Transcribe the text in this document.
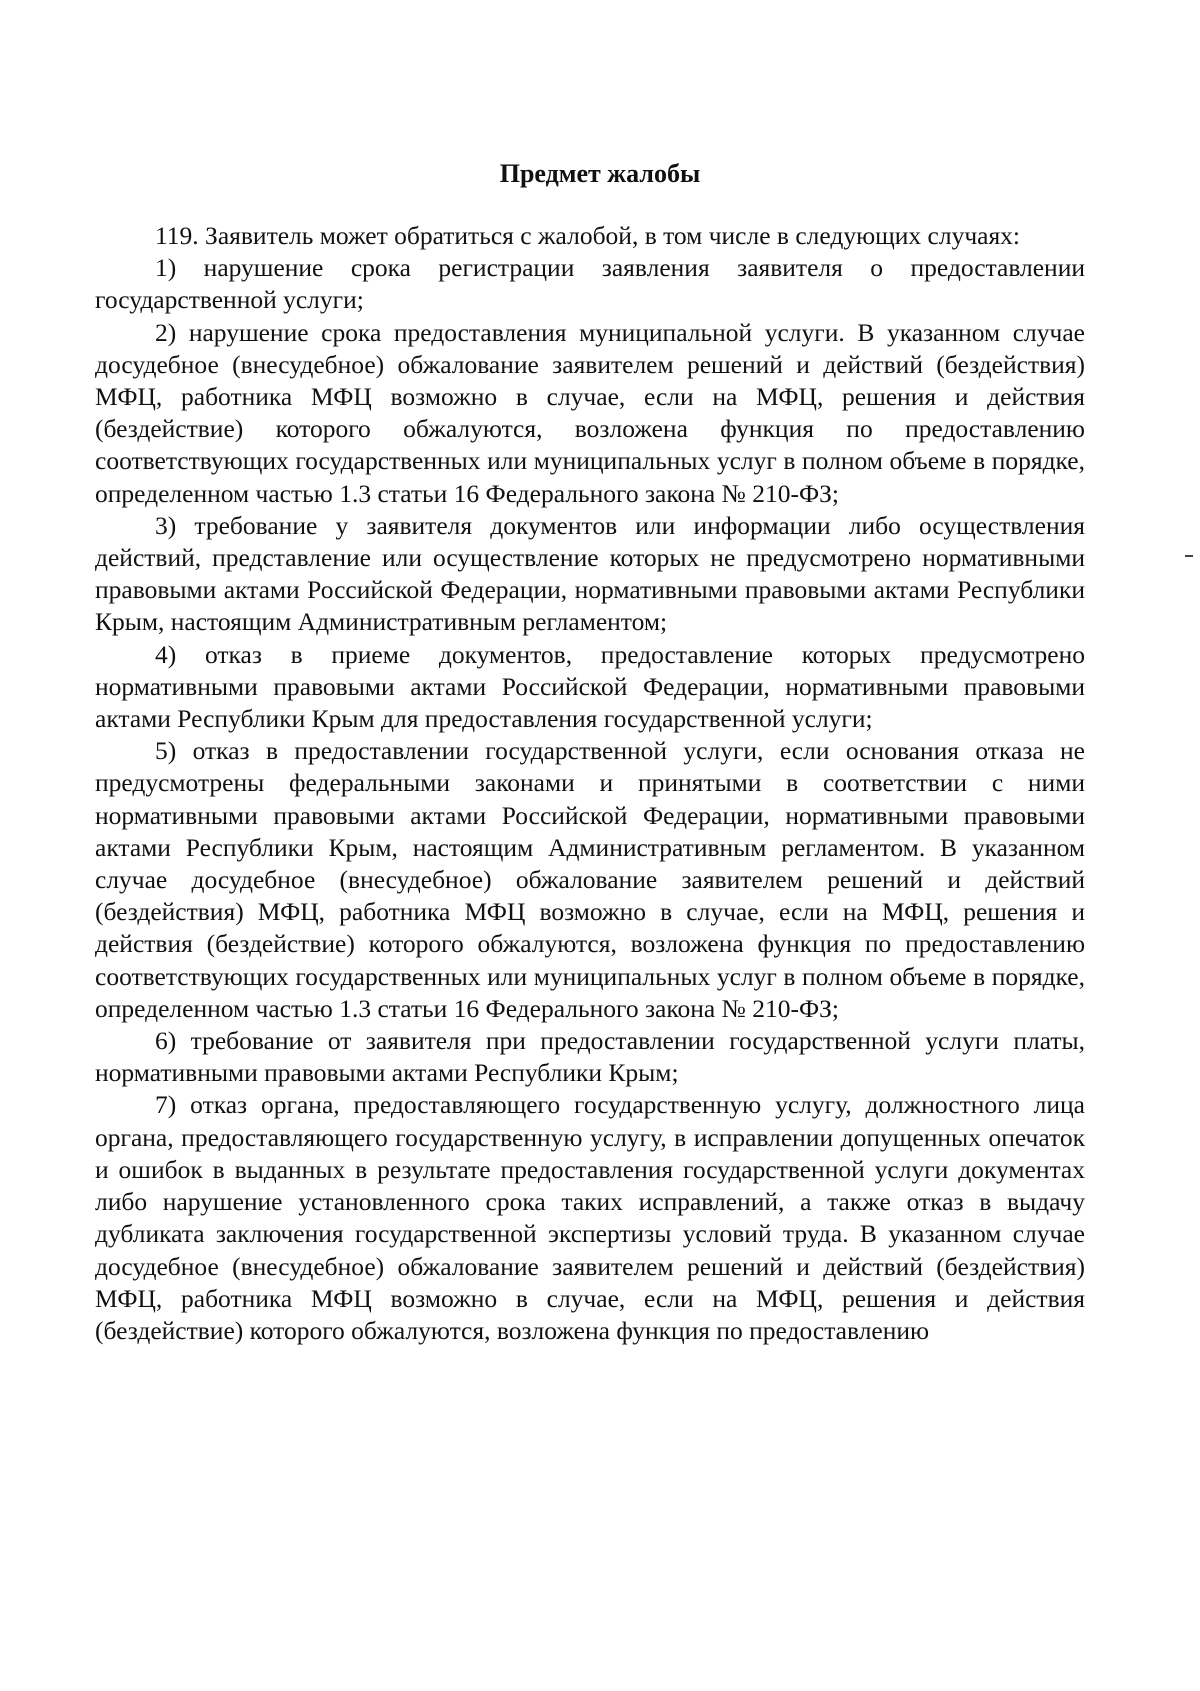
Предмет жалобы

119. Заявитель может обратиться с жалобой, в том числе в следующих случаях:

1) нарушение срока регистрации заявления заявителя о предоставлении государственной услуги;

2) нарушение срока предоставления муниципальной услуги. В указанном случае досудебное (внесудебное) обжалование заявителем решений и действий (бездействия) МФЦ, работника МФЦ возможно в случае, если на МФЦ, решения и действия (бездействие) которого обжалуются, возложена функция по предоставлению соответствующих государственных или муниципальных услуг в полном объеме в порядке, определенном частью 1.3 статьи 16 Федерального закона № 210-ФЗ;

3) требование у заявителя документов или информации либо осуществления действий, представление или осуществление которых не предусмотрено нормативными правовыми актами Российской Федерации, нормативными правовыми актами Республики Крым, настоящим Административным регламентом;

4) отказ в приеме документов, предоставление которых предусмотрено нормативными правовыми актами Российской Федерации, нормативными правовыми актами Республики Крым для предоставления государственной услуги;

5) отказ в предоставлении государственной услуги, если основания отказа не предусмотрены федеральными законами и принятыми в соответствии с ними нормативными правовыми актами Российской Федерации, нормативными правовыми актами Республики Крым, настоящим Административным регламентом. В указанном случае досудебное (внесудебное) обжалование заявителем решений и действий (бездействия) МФЦ, работника МФЦ возможно в случае, если на МФЦ, решения и действия (бездействие) которого обжалуются, возложена функция по предоставлению соответствующих государственных или муниципальных услуг в полном объеме в порядке, определенном частью 1.3 статьи 16 Федерального закона № 210-ФЗ;

6) требование от заявителя при предоставлении государственной услуги платы, нормативными правовыми актами Республики Крым;

7) отказ органа, предоставляющего государственную услугу, должностного лица органа, предоставляющего государственную услугу, в исправлении допущенных опечаток и ошибок в выданных в результате предоставления государственной услуги документах либо нарушение установленного срока таких исправлений, а также отказ в выдачу дубликата заключения государственной экспертизы условий труда. В указанном случае досудебное (внесудебное) обжалование заявителем решений и действий (бездействия) МФЦ, работника МФЦ возможно в случае, если на МФЦ, решения и действия (бездействие) которого обжалуются, возложена функция по предоставлению
